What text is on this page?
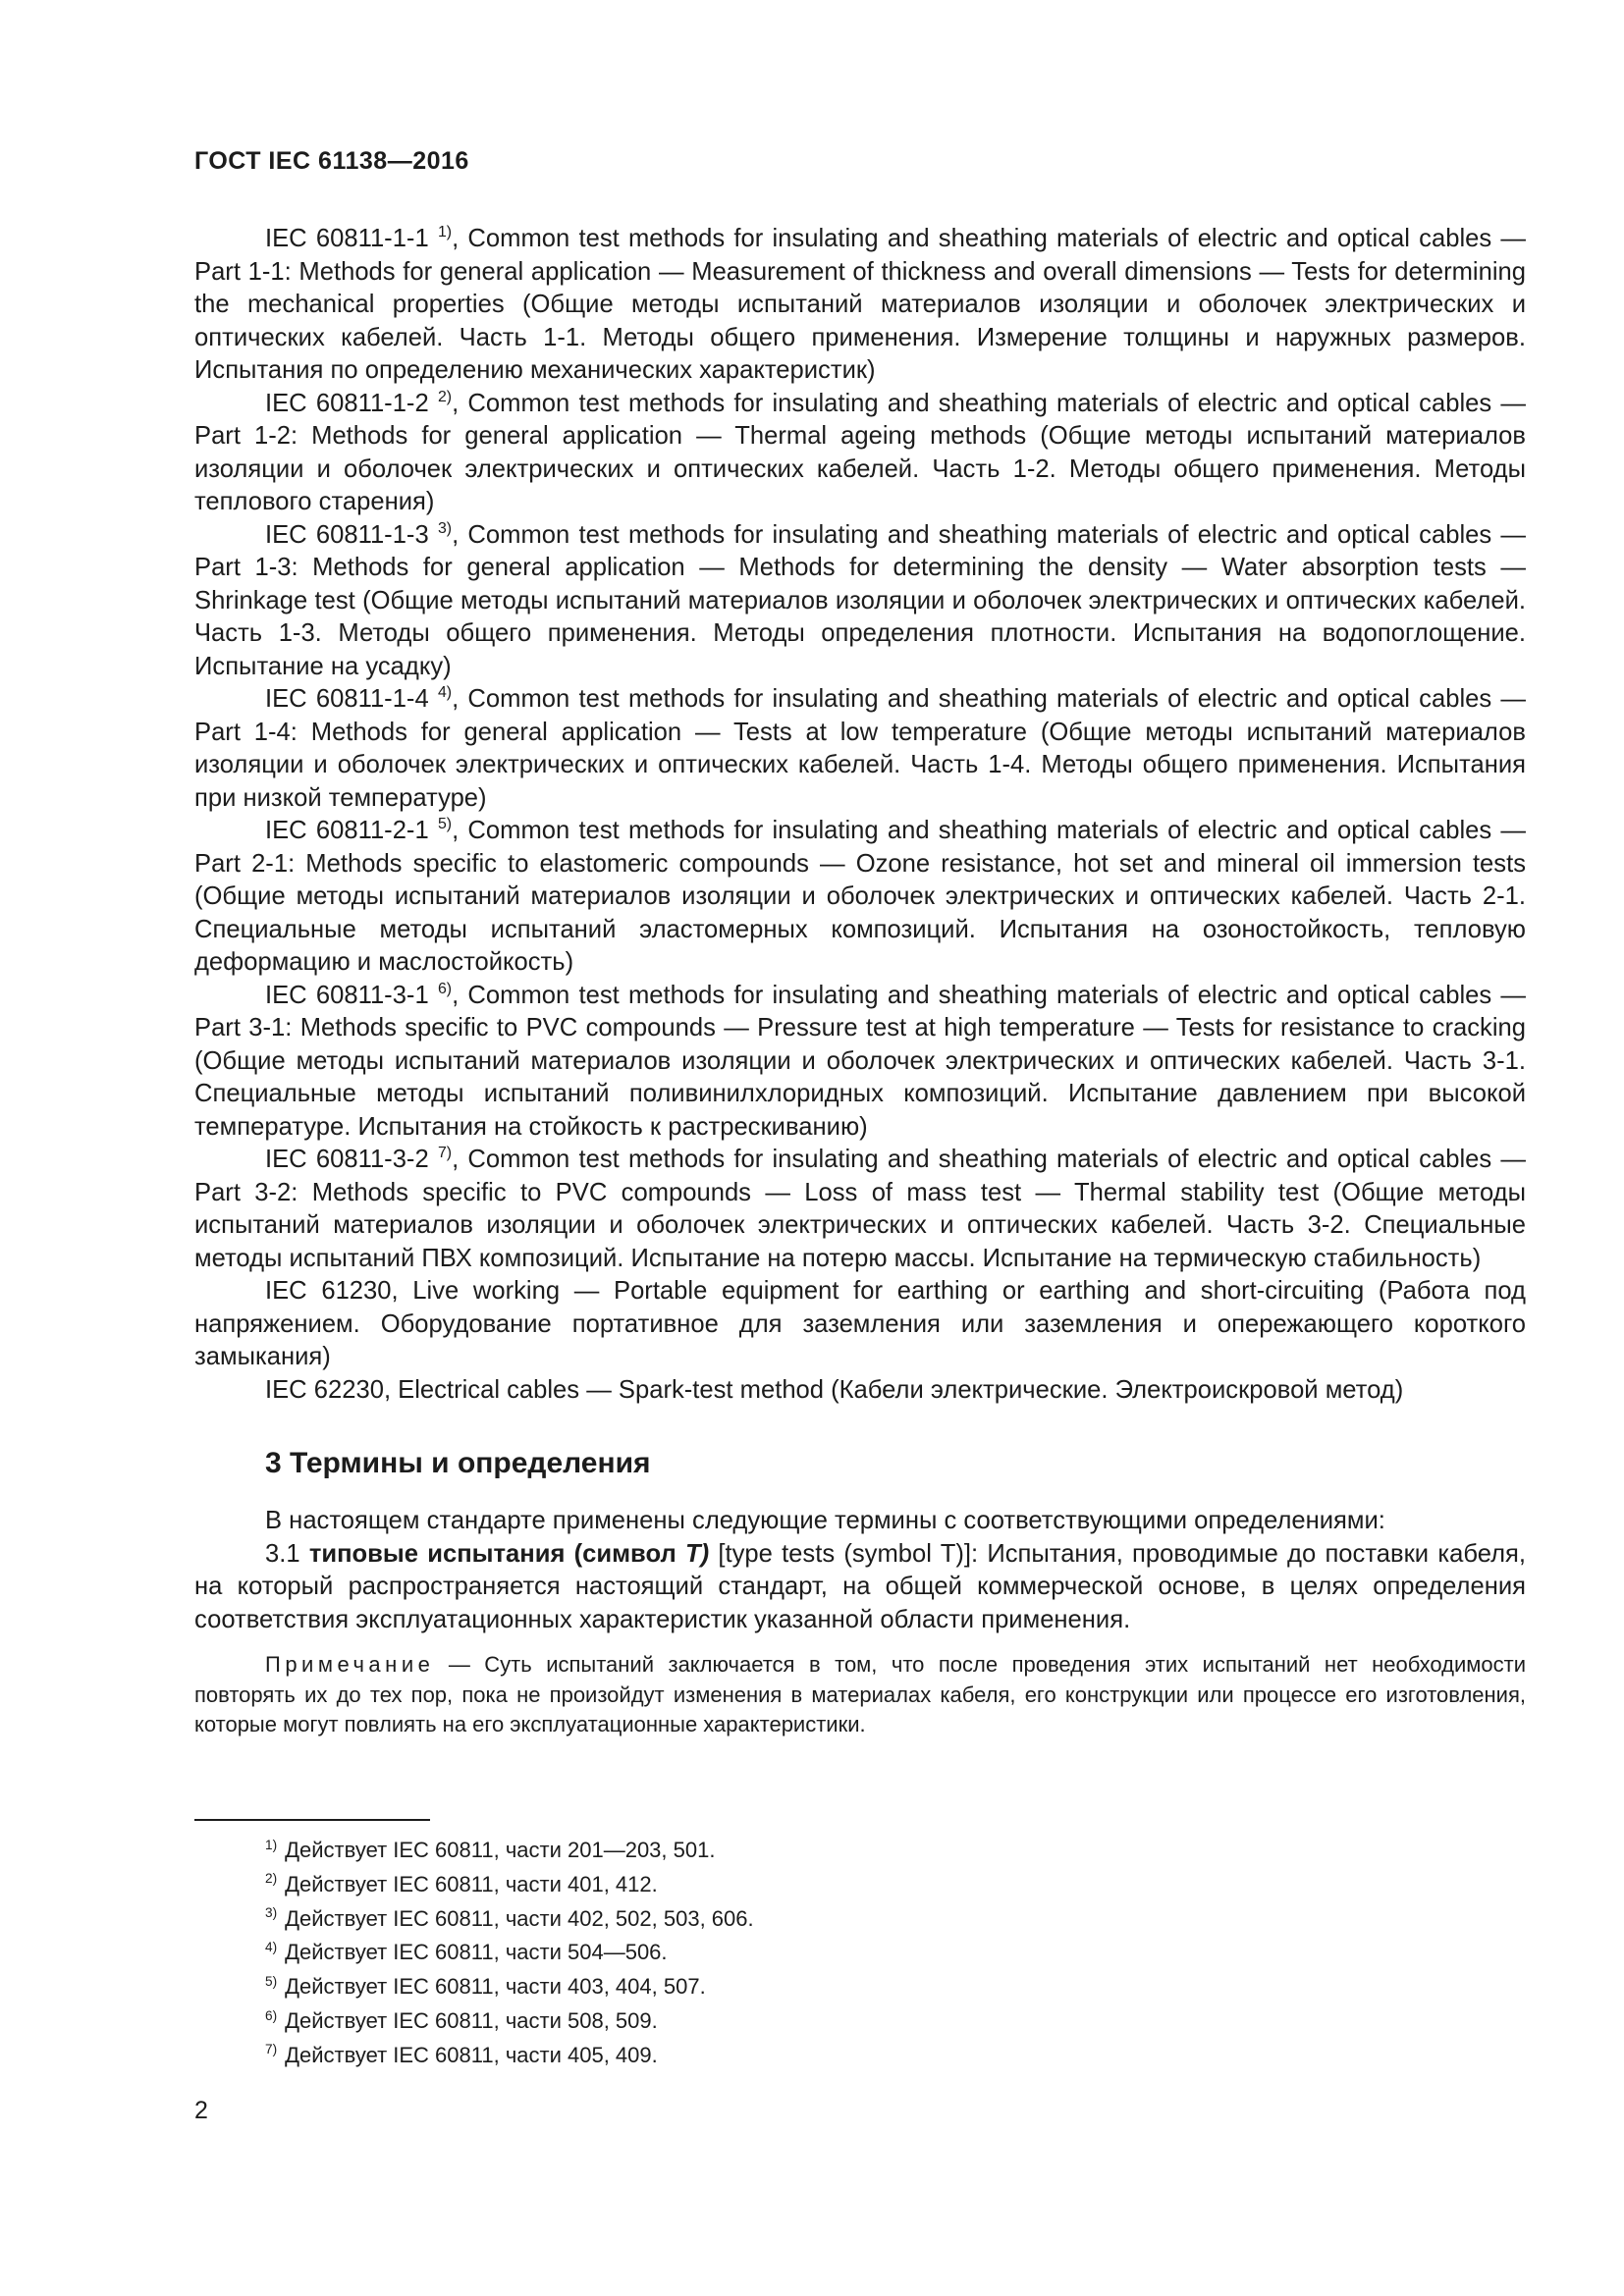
ГОСТ IEC 61138—2016

IEC 60811-1-1 $^{1)}$, Common test methods for insulating and sheathing materials of electric and optical cables — Part 1-1: Methods for general application — Measurement of thickness and overall dimensions — Tests for determining the mechanical properties (Общие методы испытаний материалов изоляции и оболочек электрических и оптических кабелей. Часть 1-1. Методы общего применения. Измерение толщины и наружных размеров. Испытания по определению механических характеристик)

IEC 60811-1-2 $^{2)}$, Common test methods for insulating and sheathing materials of electric and optical cables — Part 1-2: Methods for general application — Thermal ageing methods (Общие методы испытаний материалов изоляции и оболочек электрических и оптических кабелей. Часть 1-2. Методы общего применения. Методы теплового старения)

IEC 60811-1-3 $^{3)}$, Common test methods for insulating and sheathing materials of electric and optical cables — Part 1-3: Methods for general application — Methods for determining the density — Water absorption tests — Shrinkage test (Общие методы испытаний материалов изоляции и оболочек электрических и оптических кабелей. Часть 1-3. Методы общего применения. Методы определения плотности. Испытания на водопоглощение. Испытание на усадку)

IEC 60811-1-4 $^{4)}$, Common test methods for insulating and sheathing materials of electric and optical cables — Part 1-4: Methods for general application — Tests at low temperature (Общие методы испытаний материалов изоляции и оболочек электрических и оптических кабелей. Часть 1-4. Методы общего применения. Испытания при низкой температуре)

IEC 60811-2-1 $^{5)}$, Common test methods for insulating and sheathing materials of electric and optical cables — Part 2-1: Methods specific to elastomeric compounds — Ozone resistance, hot set and mineral oil immersion tests (Общие методы испытаний материалов изоляции и оболочек электрических и оптических кабелей. Часть 2-1. Специальные методы испытаний эластомерных композиций. Испытания на озоностойкость, тепловую деформацию и маслостойкость)

IEC 60811-3-1 $^{6)}$, Common test methods for insulating and sheathing materials of electric and optical cables — Part 3-1: Methods specific to PVC compounds — Pressure test at high temperature — Tests for resistance to cracking (Общие методы испытаний материалов изоляции и оболочек электрических и оптических кабелей. Часть 3-1. Специальные методы испытаний поливинилхлоридных композиций. Испытание давлением при высокой температуре. Испытания на стойкость к растрескиванию)

IEC 60811-3-2 $^{7)}$, Common test methods for insulating and sheathing materials of electric and optical cables — Part 3-2: Methods specific to PVC compounds — Loss of mass test — Thermal stability test (Общие методы испытаний материалов изоляции и оболочек электрических и оптических кабелей. Часть 3-2. Специальные методы испытаний ПВХ композиций. Испытание на потерю массы. Испытание на термическую стабильность)

IEC 61230, Live working — Portable equipment for earthing or earthing and short-circuiting (Работа под напряжением. Оборудование портативное для заземления или заземления и опережающего короткого замыкания)

IEC 62230, Electrical cables — Spark-test method (Кабели электрические. Электроискровой метод)

3 Термины и определения

В настоящем стандарте применены следующие термины с соответствующими определениями:

3.1 типовые испытания (символ T) [type tests (symbol T)]: Испытания, проводимые до поставки кабеля, на который распространяется настоящий стандарт, на общей коммерческой основе, в целях определения соответствия эксплуатационных характеристик указанной области применения.

Примечание — Суть испытаний заключается в том, что после проведения этих испытаний нет необходимости повторять их до тех пор, пока не произойдут изменения в материалах кабеля, его конструкции или процессе его изготовления, которые могут повлиять на его эксплуатационные характеристики.

$^{1)}$ Действует IEC 60811, части 201—203, 501.

$^{2)}$ Действует IEC 60811, части 401, 412.

$^{3)}$ Действует IEC 60811, части 402, 502, 503, 606.

$^{4)}$ Действует IEC 60811, части 504—506.

$^{5)}$ Действует IEC 60811, части 403, 404, 507.

$^{6)}$ Действует IEC 60811, части 508, 509.

$^{7)}$ Действует IEC 60811, части 405, 409.

2
